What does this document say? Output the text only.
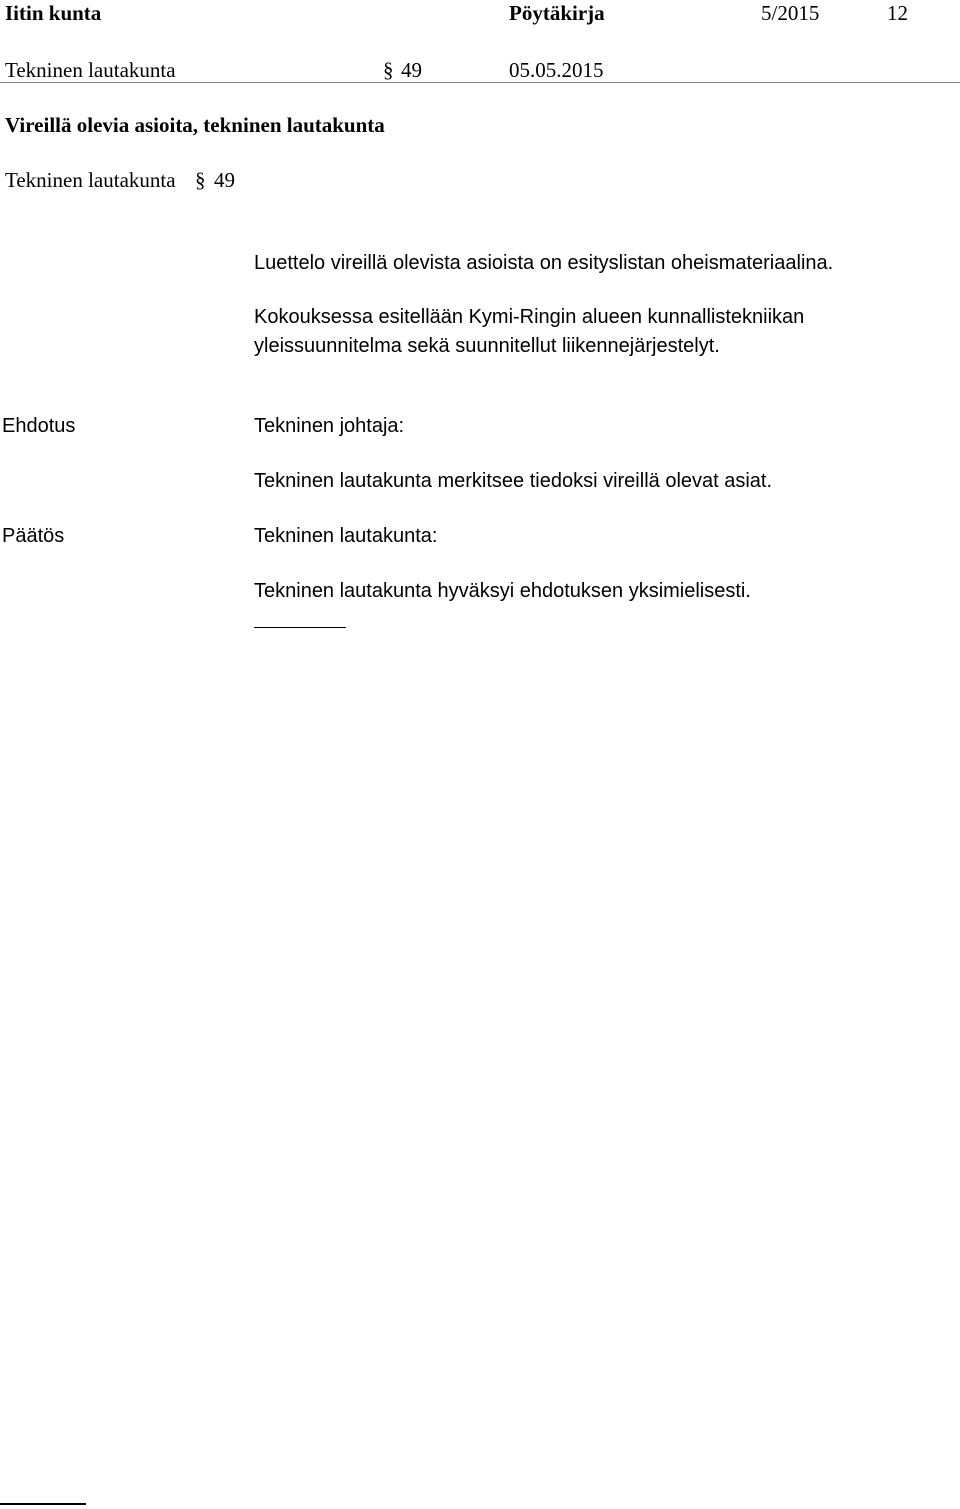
Iitin kunta	Pöytäkirja	5/2015	12
Tekninen lautakunta	§ 49	05.05.2015
Vireillä olevia asioita, tekninen lautakunta
Tekninen lautakunta § 49
Luettelo vireillä olevista asioista on esityslistan oheismateriaalina.
Kokouksessa esitellään Kymi-Ringin alueen kunnallistekniikan
yleissuunnitelma sekä suunnitellut liikennejärjestelyt.
Ehdotus	Tekninen johtaja:
Tekninen lautakunta merkitsee tiedoksi vireillä olevat asiat.
Päätös	Tekninen lautakunta:
Tekninen lautakunta hyväksyi ehdotuksen yksimielisesti.
